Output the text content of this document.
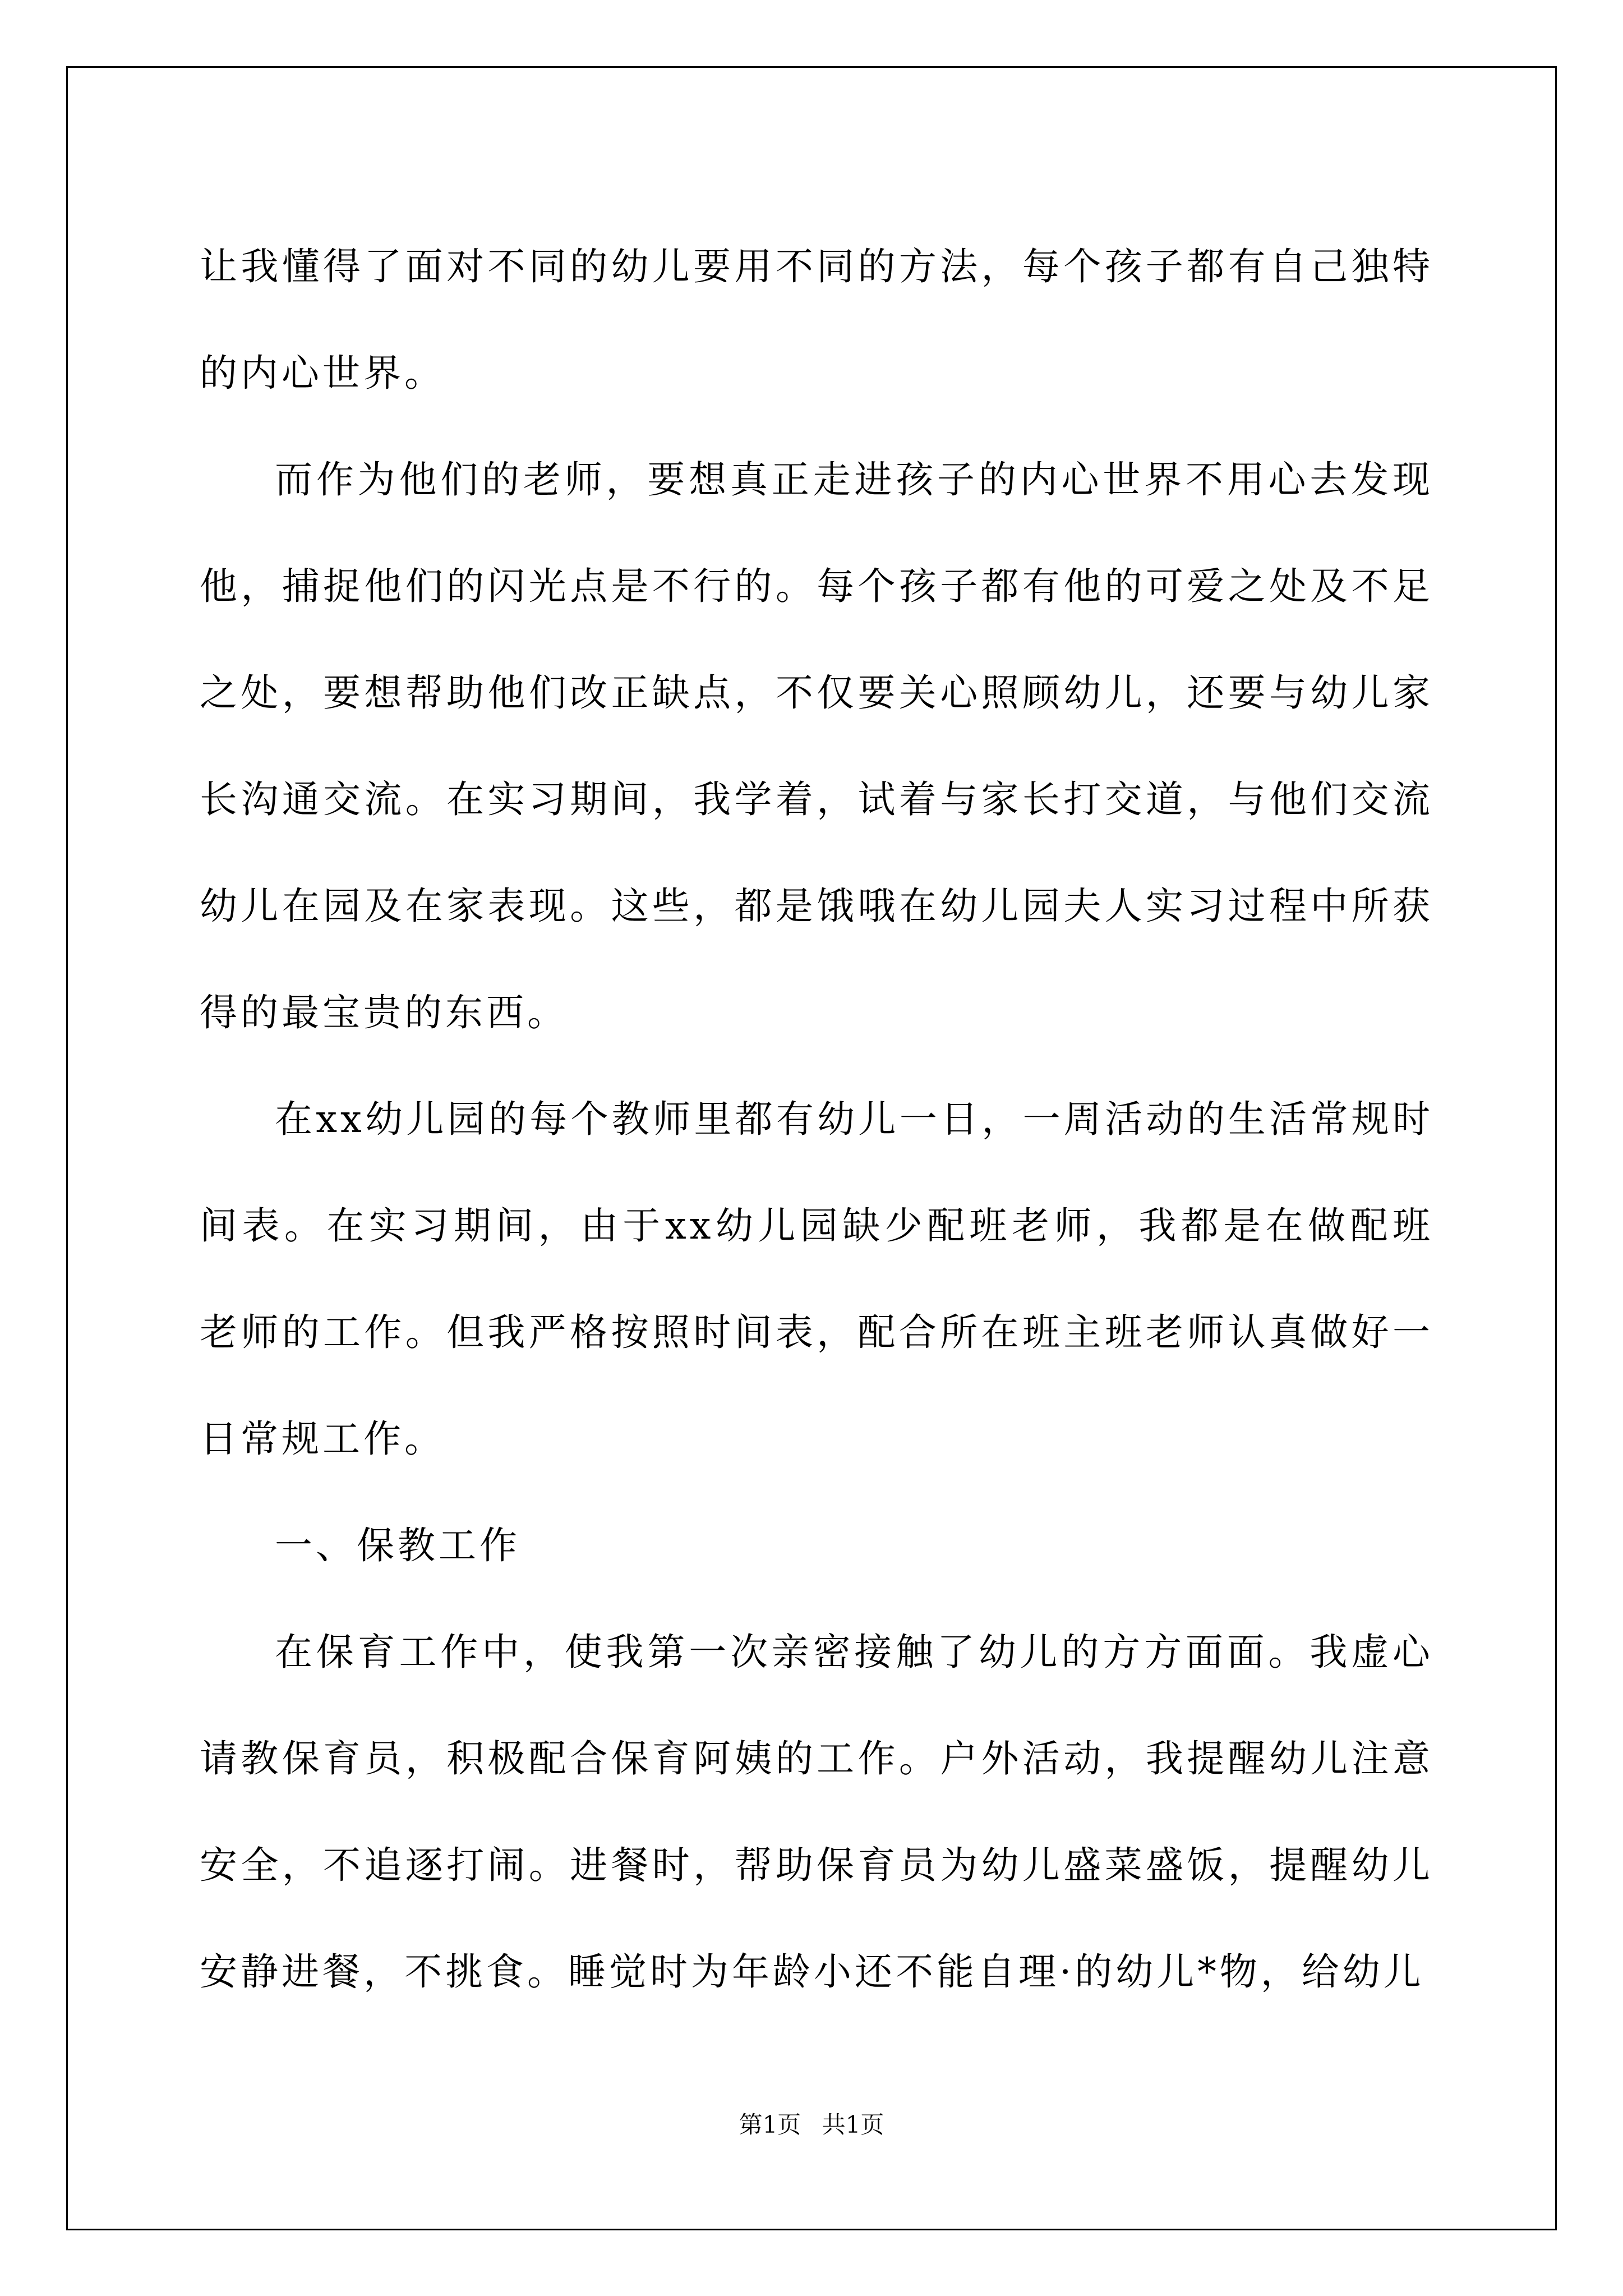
让我懂得了面对不同的幼儿要用不同的方法，每个孩子都有自己独特的内心世界。

而作为他们的老师，要想真正走进孩子的内心世界不用心去发现他，捕捉他们的闪光点是不行的。每个孩子都有他的可爱之处及不足之处，要想帮助他们改正缺点，不仅要关心照顾幼儿，还要与幼儿家长沟通交流。在实习期间，我学着，试着与家长打交道，与他们交流幼儿在园及在家表现。这些，都是饿哦在幼儿园夫人实习过程中所获得的最宝贵的东西。

在xx幼儿园的每个教师里都有幼儿一日，一周活动的生活常规时间表。在实习期间，由于xx幼儿园缺少配班老师，我都是在做配班老师的工作。但我严格按照时间表，配合所在班主班老师认真做好一日常规工作。

一、保教工作

在保育工作中，使我第一次亲密接触了幼儿的方方面面。我虚心请教保育员，积极配合保育阿姨的工作。户外活动，我提醒幼儿注意安全，不追逐打闹。进餐时，帮助保育员为幼儿盛菜盛饭，提醒幼儿安静进餐，不挑食。睡觉时为年龄小还不能自理·的幼儿*物，给幼儿

第1页 共1页
